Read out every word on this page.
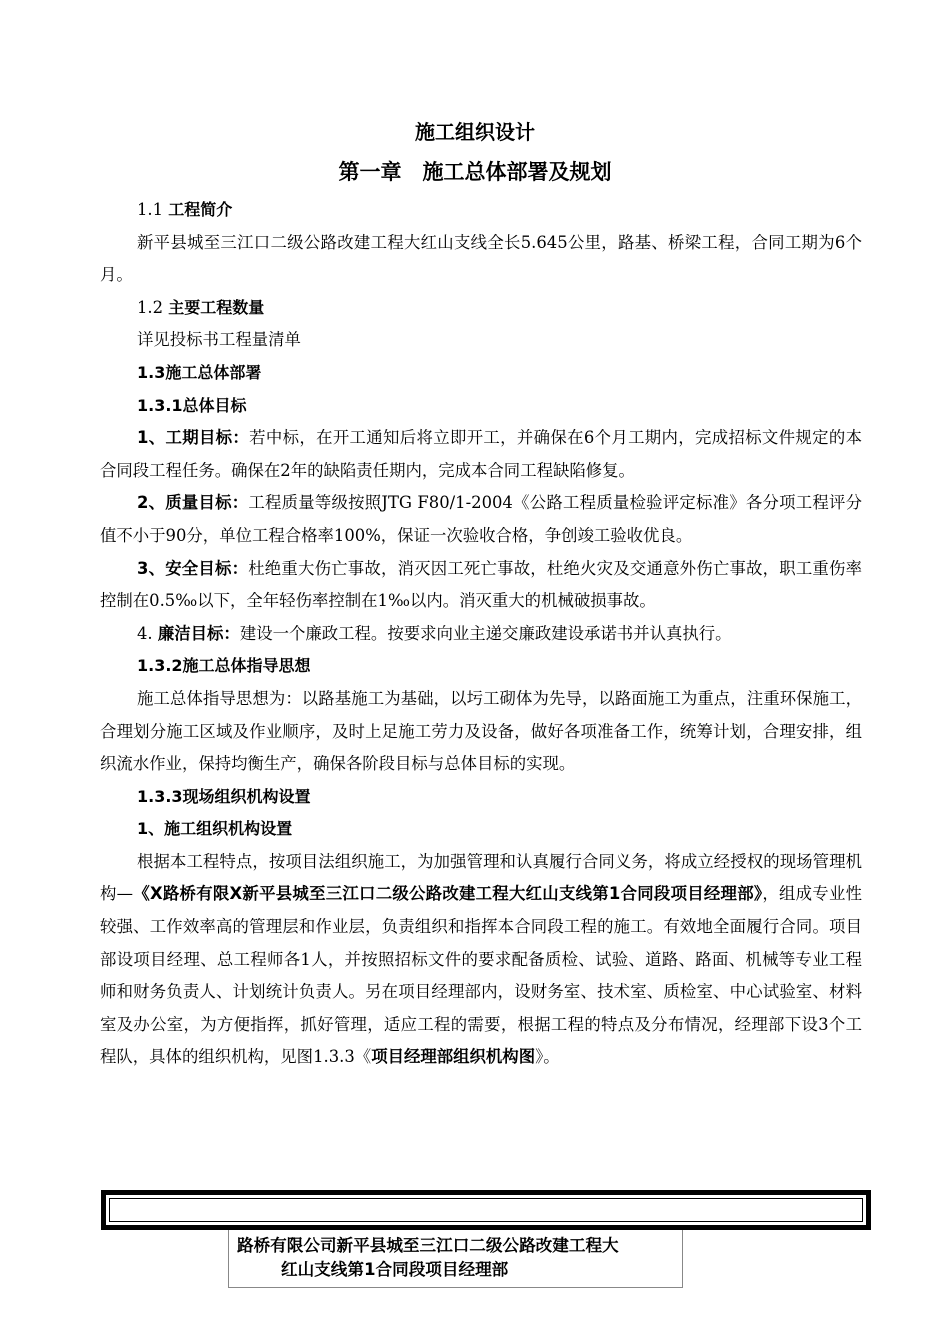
施工组织设计
第一章　施工总体部署及规划

1.1 工程简介

新平县城至三江口二级公路改建工程大红山支线全长5.645公里，路基、桥梁工程，合同工期为6个月。

1.2 主要工程数量

详见投标书工程量清单

1.3施工总体部署

1.3.1总体目标

1、工期目标：若中标，在开工通知后将立即开工，并确保在6个月工期内，完成招标文件规定的本合同段工程任务。确保在2年的缺陷责任期内，完成本合同工程缺陷修复。

2、质量目标：工程质量等级按照JTG F80/1-2004《公路工程质量检验评定标准》各分项工程评分值不小于90分，单位工程合格率100%，保证一次验收合格，争创竣工验收优良。

3、安全目标：杜绝重大伤亡事故，消灭因工死亡事故，杜绝火灾及交通意外伤亡事故，职工重伤率控制在0.5‰以下，全年轻伤率控制在1‰以内。消灭重大的机械破损事故。

4. 廉洁目标：建设一个廉政工程。按要求向业主递交廉政建设承诺书并认真执行。

1.3.2施工总体指导思想

施工总体指导思想为：以路基施工为基础，以圬工砌体为先导，以路面施工为重点，注重环保施工，合理划分施工区域及作业顺序，及时上足施工劳力及设备，做好各项准备工作，统筹计划，合理安排，组织流水作业，保持均衡生产，确保各阶段目标与总体目标的实现。

1.3.3现场组织机构设置

1、施工组织机构设置

根据本工程特点，按项目法组织施工，为加强管理和认真履行合同义务，将成立经授权的现场管理机构—《X路桥有限X新平县城至三江口二级公路改建工程大红山支线第1合同段项目经理部》，组成专业性较强、工作效率高的管理层和作业层，负责组织和指挥本合同段工程的施工。有效地全面履行合同。项目部设项目经理、总工程师各1人，并按照招标文件的要求配备质检、试验、道路、路面、机械等专业工程师和财务负责人、计划统计负责人。另在项目经理部内，设财务室、技术室、质检室、中心试验室、材料室及办公室，为方便指挥，抓好管理，适应工程的需要，根据工程的特点及分布情况，经理部下设3个工程队，具体的组织机构，见图1.3.3《项目经理部组织机构图》。

路桥有限公司新平县城至三江口二级公路改建工程大
红山支线第1合同段项目经理部
